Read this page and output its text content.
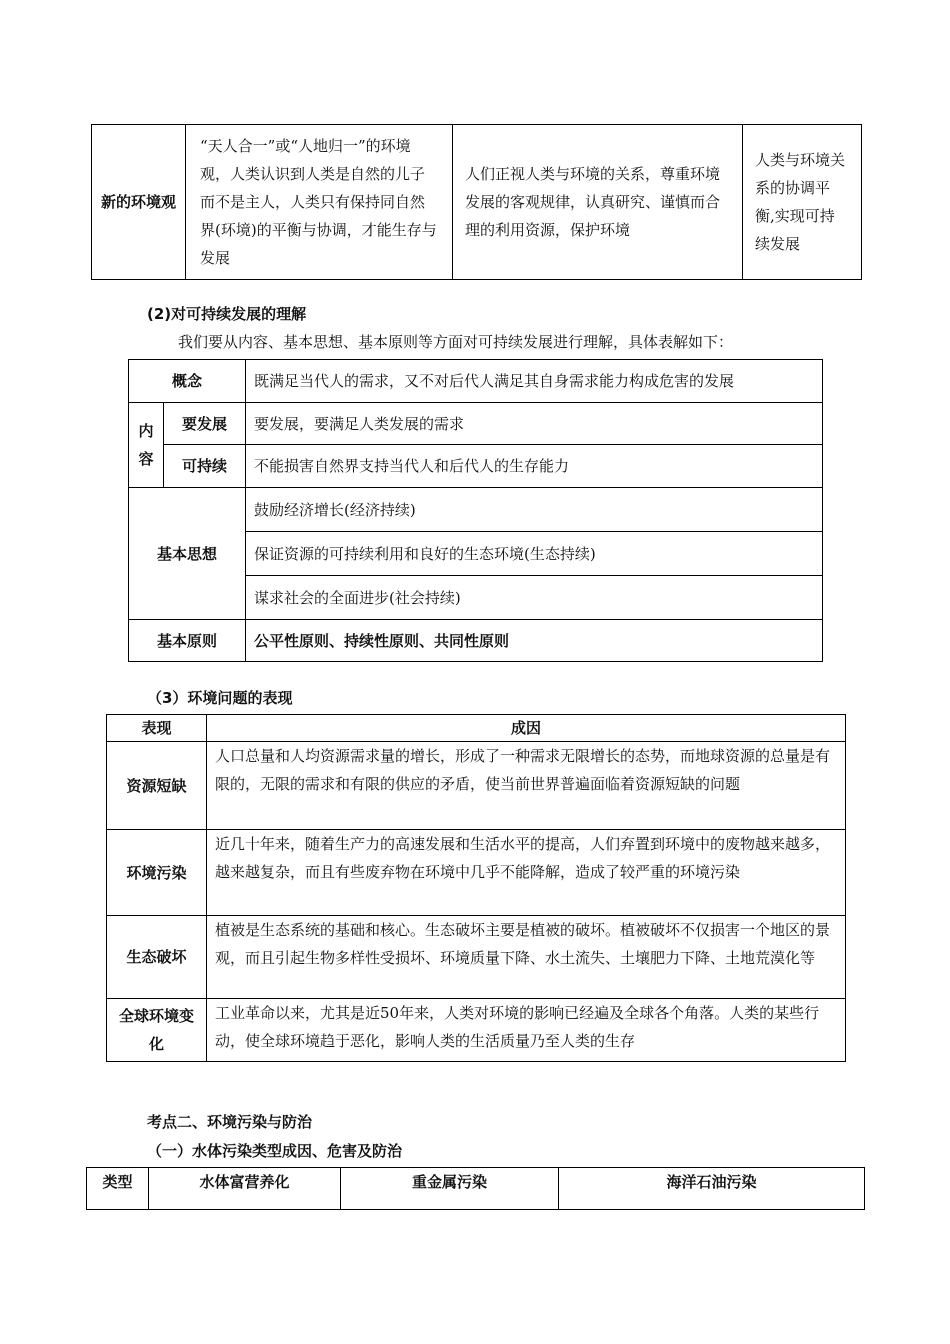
新的环境观	“天人合一”或“人地归一”的环境观，人类认识到人类是自然的儿子而不是主人，人类只有保持同自然界(环境)的平衡与协调，才能生存与发展	人们正视人类与环境的关系，尊重环境发展的客观规律，认真研究、谨慎而合理的利用资源，保护环境	人类与环境关系的协调平衡,实现可持续发展
(2)对可持续发展的理解
我们要从内容、基本思想、基本原则等方面对可持续发展进行理解，具体表解如下：
概念		既满足当代人的需求，又不对后代人满足其自身需求能力构成危害的发展
内容	要发展	要发展，要满足人类发展的需求
	可持续	不能损害自然界支持当代人和后代人的生存能力
基本思想		鼓励经济增长(经济持续)
		保证资源的可持续利用和良好的生态环境(生态持续)
		谋求社会的全面进步(社会持续)
基本原则		公平性原则、持续性原则、共同性原则
（3）环境问题的表现
表现	成因
资源短缺	人口总量和人均资源需求量的增长，形成了一种需求无限增长的态势，而地球资源的总量是有限的，无限的需求和有限的供应的矛盾，使当前世界普遍面临着资源短缺的问题
环境污染	近几十年来，随着生产力的高速发展和生活水平的提高，人们弃置到环境中的废物越来越多，越来越复杂，而且有些废弃物在环境中几乎不能降解，造成了较严重的环境污染
生态破坏	植被是生态系统的基础和核心。生态破坏主要是植被的破坏。植被破坏不仅损害一个地区的景观，而且引起生物多样性受损坏、环境质量下降、水土流失、土壤肥力下降、土地荒漠化等
全球环境变化	工业革命以来，尤其是近50年来，人类对环境的影响已经遍及全球各个角落。人类的某些行动，使全球环境趋于恶化，影响人类的生活质量乃至人类的生存
考点二、环境污染与防治
（一）水体污染类型成因、危害及防治
类型	水体富营养化	重金属污染	海洋石油污染
